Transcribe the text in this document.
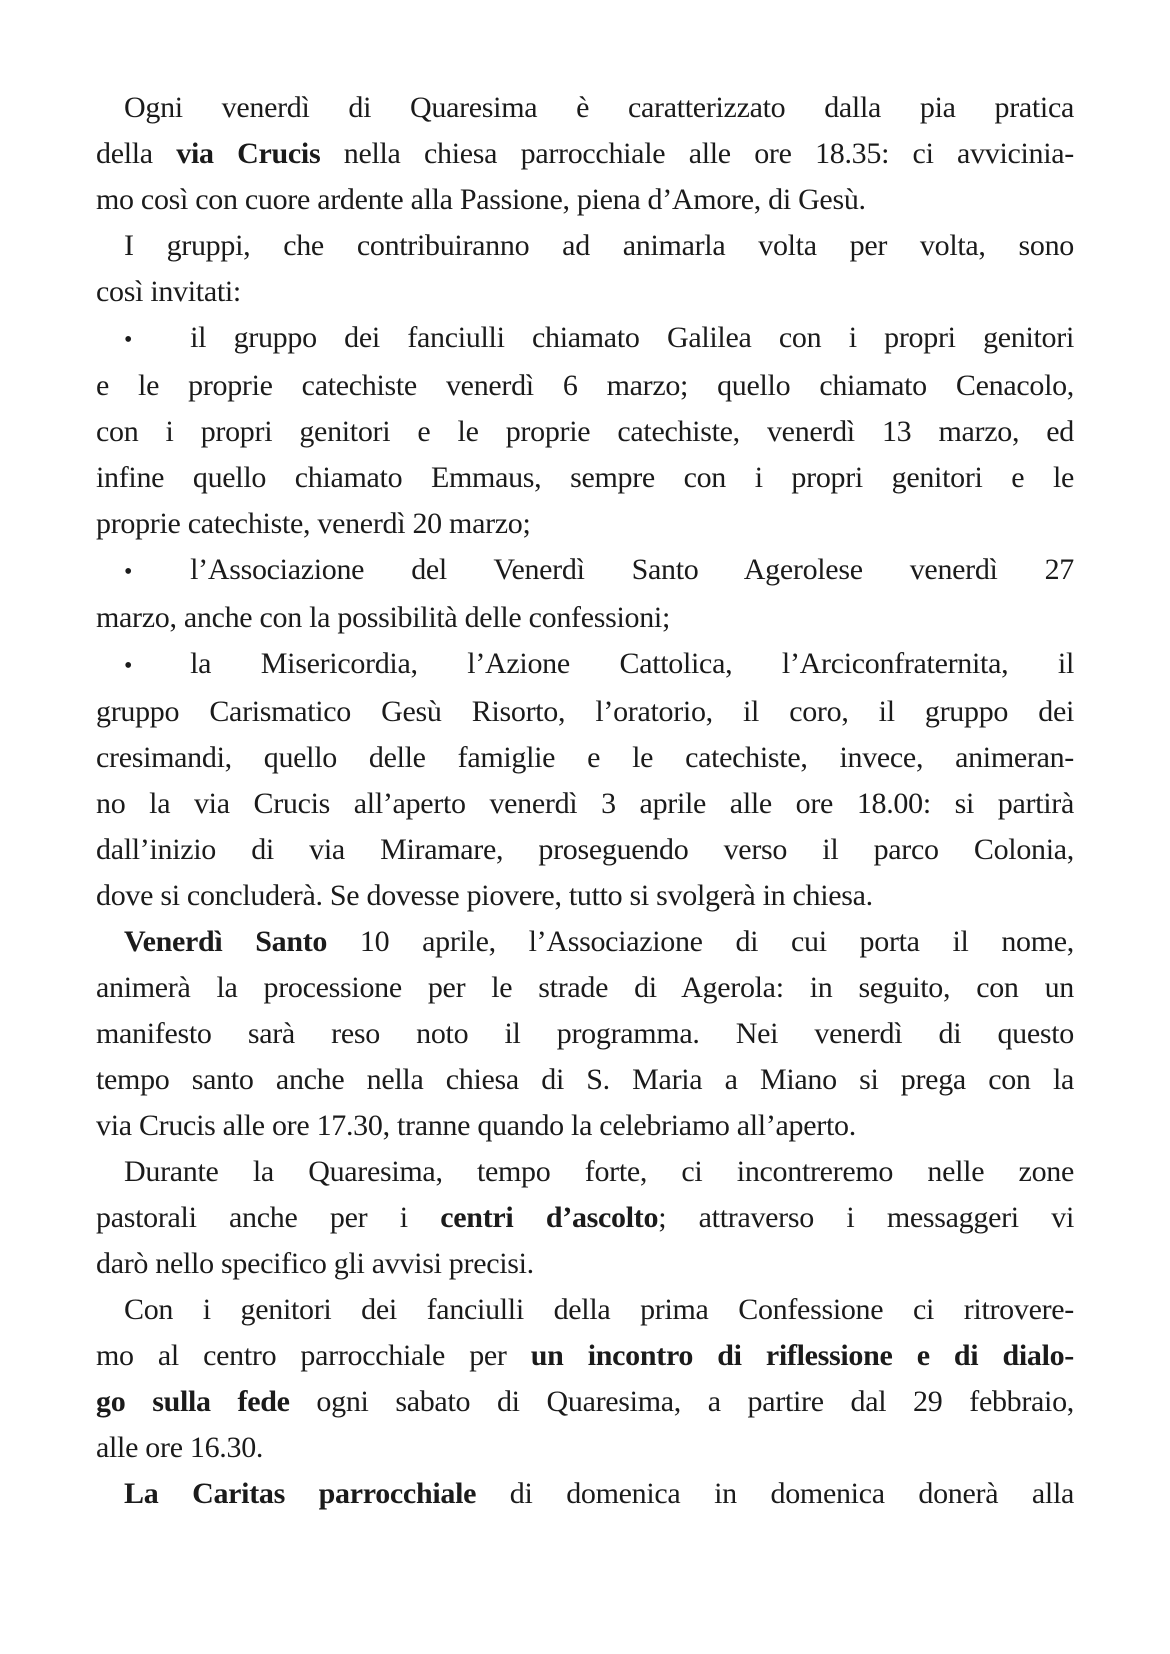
Ogni venerdì di Quaresima è caratterizzato dalla pia pratica
della via Crucis nella chiesa parrocchiale alle ore 18.35: ci avvicinia-
mo così con cuore ardente alla Passione, piena d’Amore, di Gesù.
I gruppi, che contribuiranno ad animarla volta per volta, sono
così invitati:
• il gruppo dei fanciulli chiamato Galilea con i propri genitori
e le proprie catechiste venerdì 6 marzo; quello chiamato Cenacolo,
con i propri genitori e le proprie catechiste, venerdì 13 marzo, ed
infine quello chiamato Emmaus, sempre con i propri genitori e le
proprie catechiste, venerdì 20 marzo;
• l’Associazione del Venerdì Santo Agerolese venerdì 27
marzo, anche con la possibilità delle confessioni;
• la Misericordia, l’Azione Cattolica, l’Arciconfraternita, il
gruppo Carismatico Gesù Risorto, l’oratorio, il coro, il gruppo dei
cresimandi, quello delle famiglie e le catechiste, invece, animeran-
no la via Crucis all’aperto venerdì 3 aprile alle ore 18.00: si partirà
dall’inizio di via Miramare, proseguendo verso il parco Colonia,
dove si concluderà. Se dovesse piovere, tutto si svolgerà in chiesa.
Venerdì Santo 10 aprile, l’Associazione di cui porta il nome,
animerà la processione per le strade di Agerola: in seguito, con un
manifesto sarà reso noto il programma. Nei venerdì di questo
tempo santo anche nella chiesa di S. Maria a Miano si prega con la
via Crucis alle ore 17.30, tranne quando la celebriamo all’aperto.
Durante la Quaresima, tempo forte, ci incontreremo nelle zone
pastorali anche per i centri d’ascolto; attraverso i messaggeri vi
darò nello specifico gli avvisi precisi.
Con i genitori dei fanciulli della prima Confessione ci ritrovere-
mo al centro parrocchiale per un incontro di riflessione e di dialo-
go sulla fede ogni sabato di Quaresima, a partire dal 29 febbraio,
alle ore 16.30.
La Caritas parrocchiale di domenica in domenica donerà alla
